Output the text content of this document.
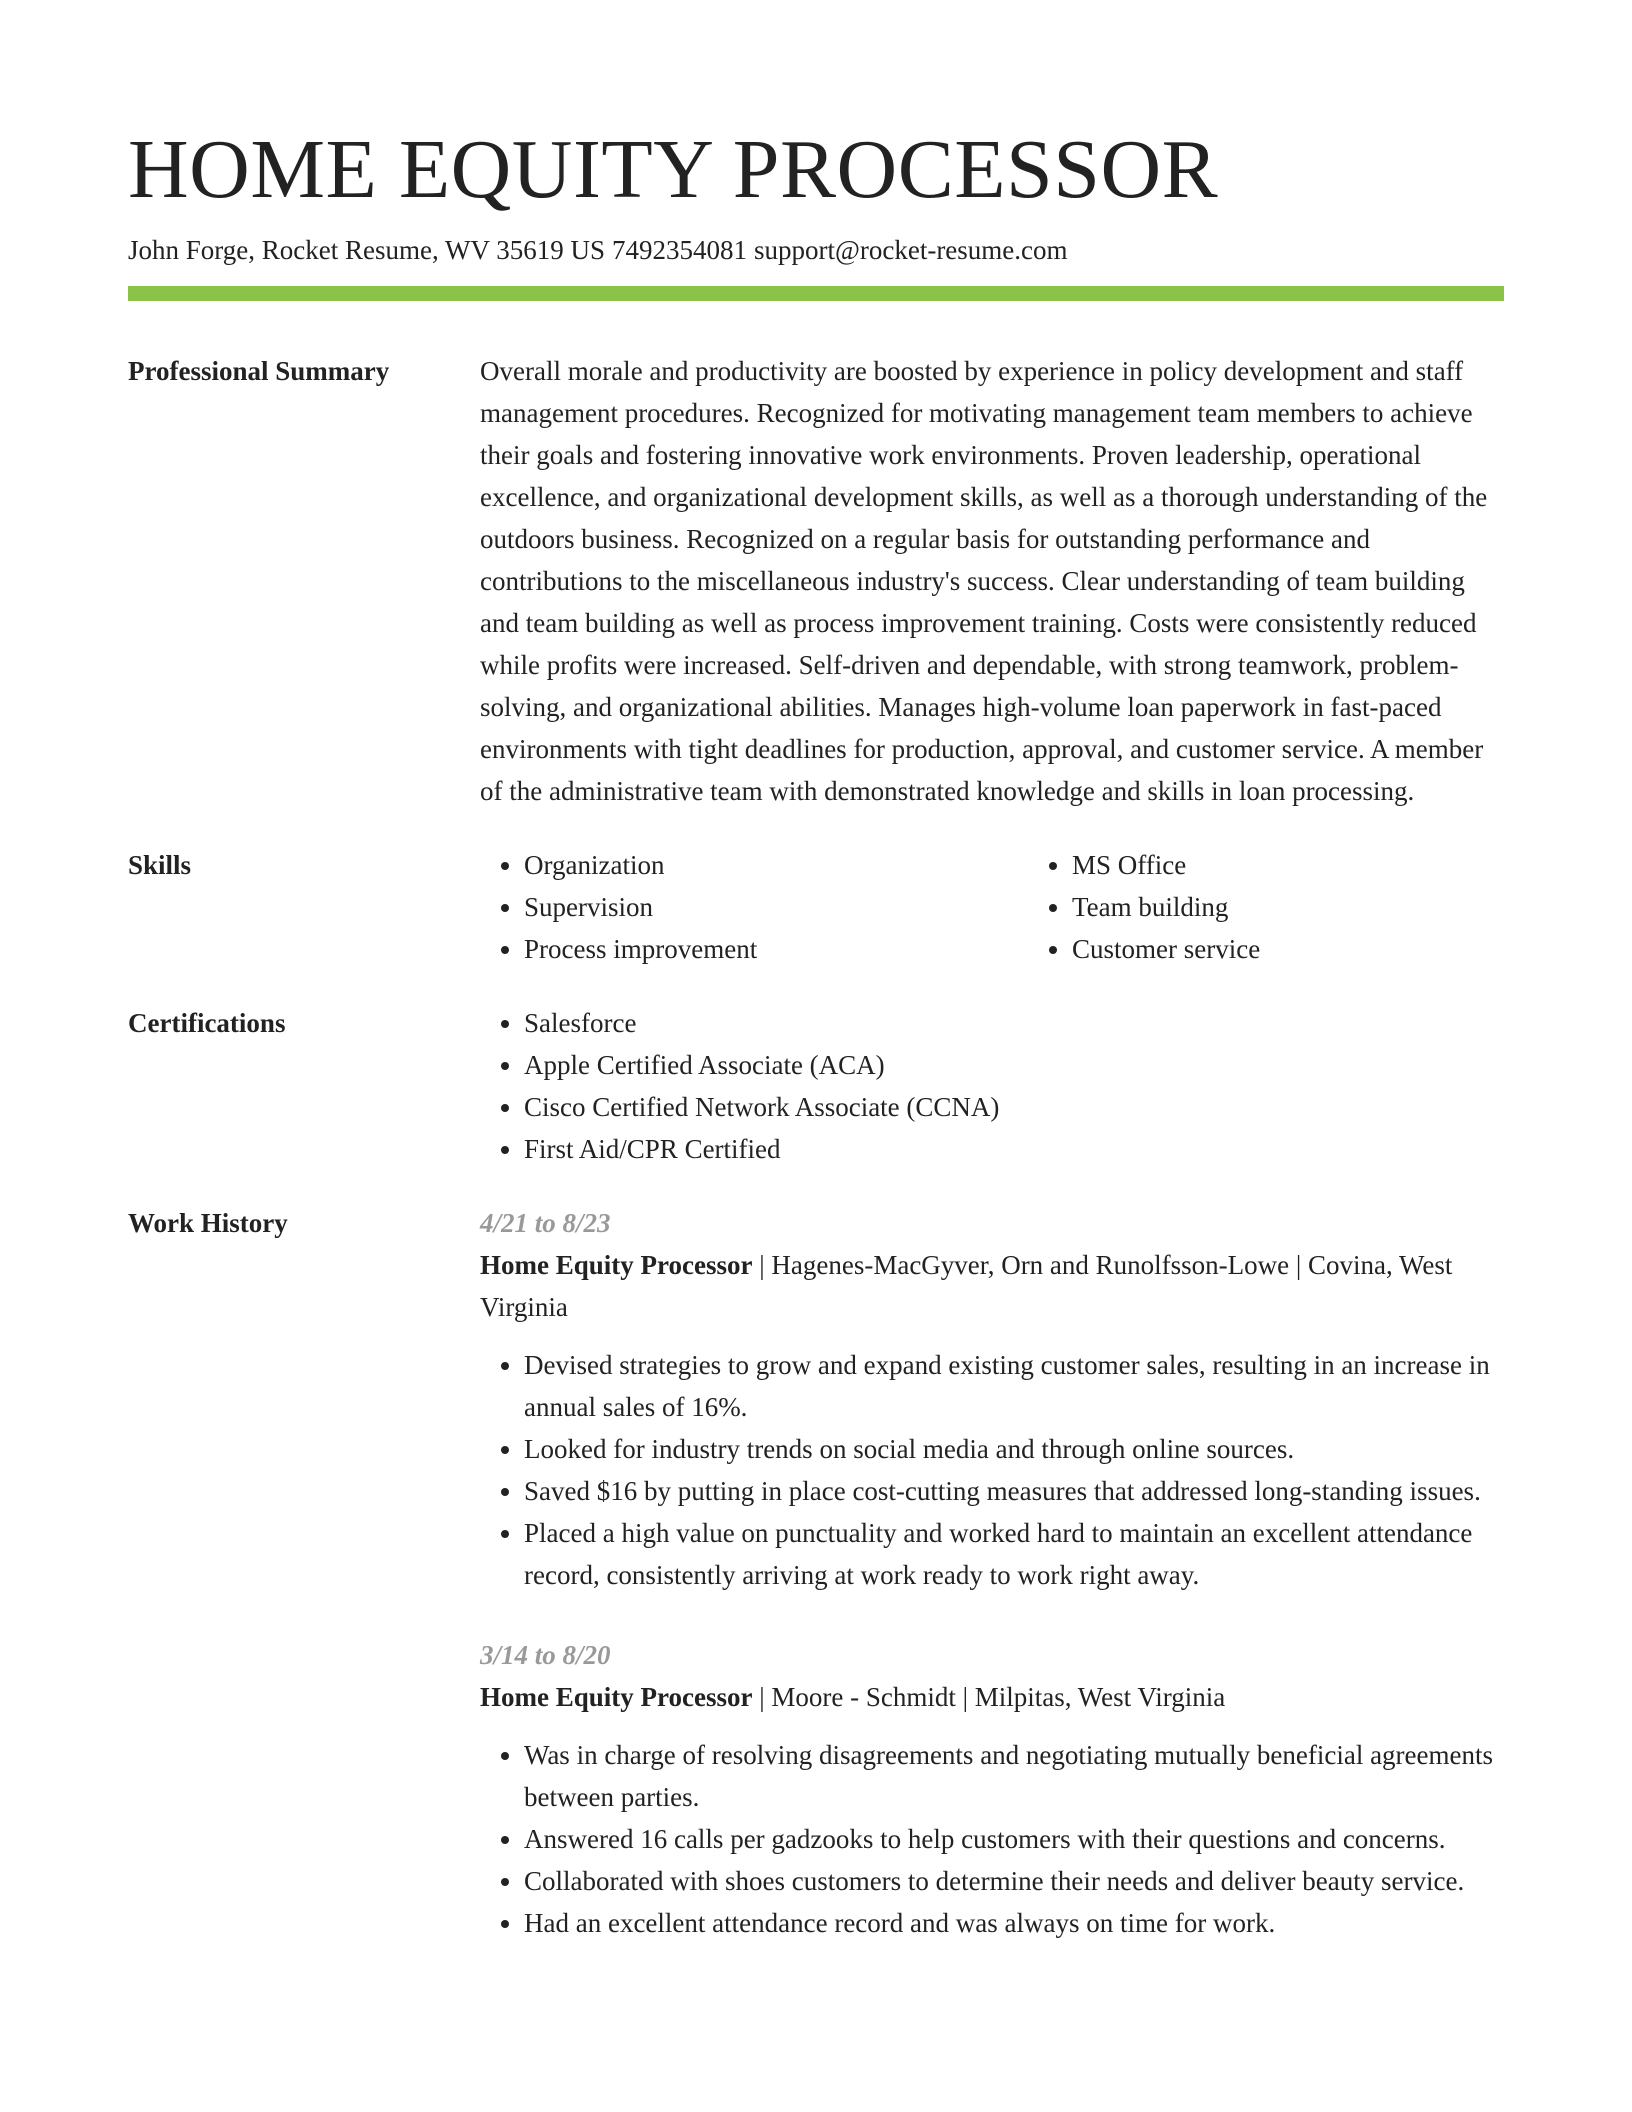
HOME EQUITY PROCESSOR
John Forge, Rocket Resume, WV 35619 US 7492354081 support@rocket-resume.com
Professional Summary	Overall morale and productivity are boosted by experience in policy development and staff management procedures. Recognized for motivating management team members to achieve their goals and fostering innovative work environments. Proven leadership, operational excellence, and organizational development skills, as well as a thorough understanding of the outdoors business. Recognized on a regular basis for outstanding performance and contributions to the miscellaneous industry's success. Clear understanding of team building and team building as well as process improvement training. Costs were consistently reduced while profits were increased. Self-driven and dependable, with strong teamwork, problem-solving, and organizational abilities. Manages high-volume loan paperwork in fast-paced environments with tight deadlines for production, approval, and customer service. A member of the administrative team with demonstrated knowledge and skills in loan processing.

Skills	• Organization
• Supervision
• Process improvement
• MS Office
• Team building
• Customer service
Certifications	• Salesforce
• Apple Certified Associate (ACA)
• Cisco Certified Network Associate (CCNA)
• First Aid/CPR Certified
Work History	4/21 to 8/23
Home Equity Processor | Hagenes-MacGyver, Orn and Runolfsson-Lowe | Covina, West Virginia
• Devised strategies to grow and expand existing customer sales, resulting in an increase in annual sales of 16%.
• Looked for industry trends on social media and through online sources.
• Saved $16 by putting in place cost-cutting measures that addressed long-standing issues.
• Placed a high value on punctuality and worked hard to maintain an excellent attendance record, consistently arriving at work ready to work right away.
3/14 to 8/20
Home Equity Processor | Moore - Schmidt | Milpitas, West Virginia
• Was in charge of resolving disagreements and negotiating mutually beneficial agreements between parties.
• Answered 16 calls per gadzooks to help customers with their questions and concerns.
• Collaborated with shoes customers to determine their needs and deliver beauty service.
• Had an excellent attendance record and was always on time for work.
